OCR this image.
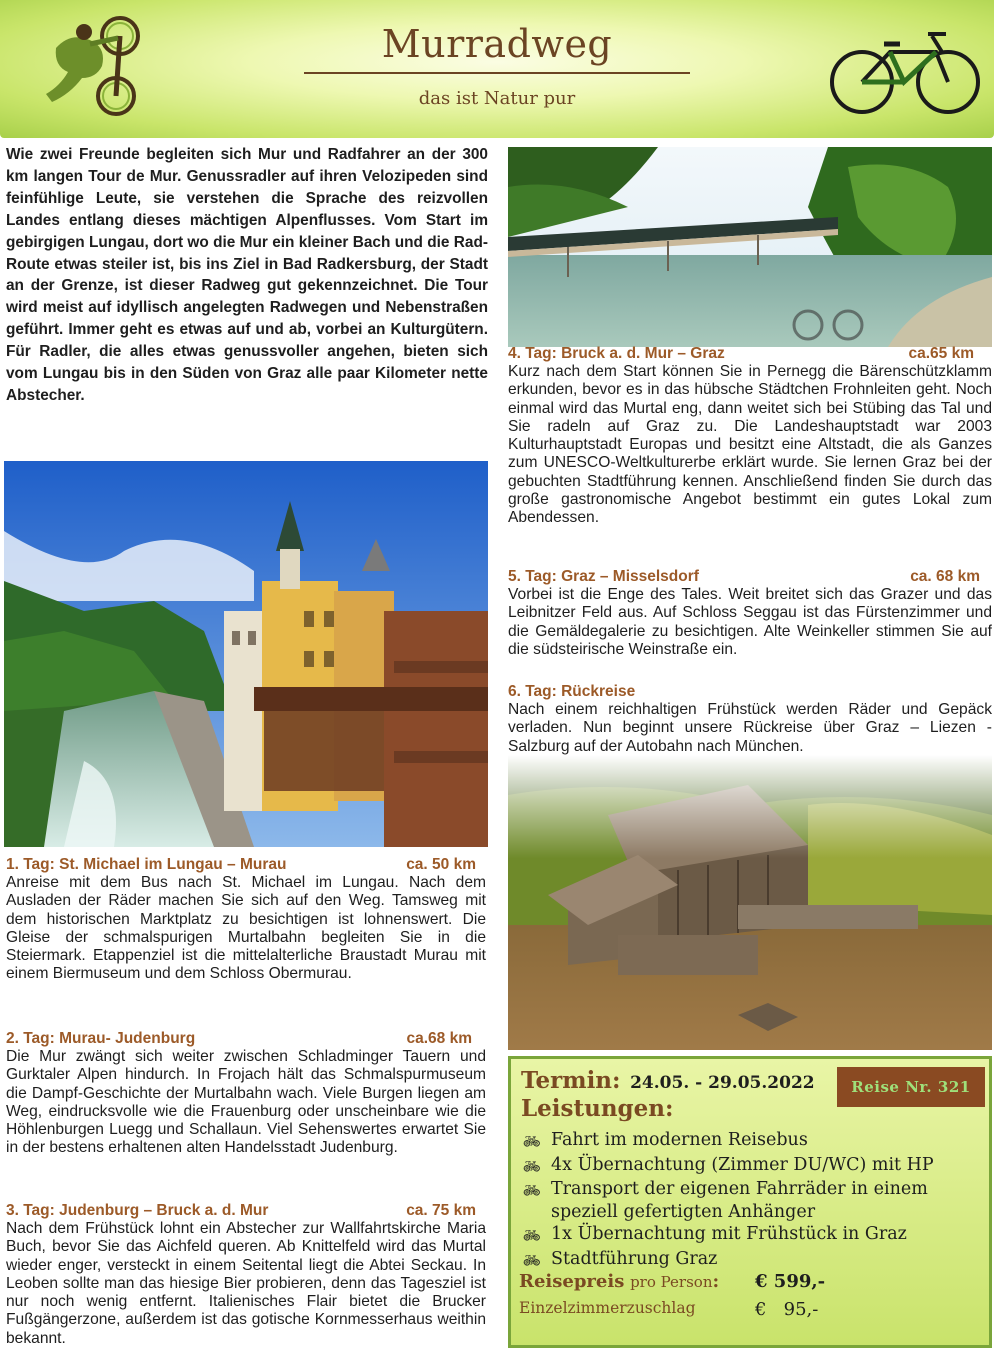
Murradweg
das ist Natur pur
Wie zwei Freunde begleiten sich Mur und Radfahrer an der 300 km langen Tour de Mur. Genussradler auf ihren Velozipeden sind feinfühlige Leute, sie verstehen die Sprache des reizvollen Landes entlang dieses mächtigen Alpenflusses. Vom Start im gebirgigen Lungau, dort wo die Mur ein kleiner Bach und die Rad-Route etwas steiler ist, bis ins Ziel in Bad Radkersburg, der Stadt an der Grenze, ist dieser Radweg gut gekennzeichnet. Die Tour wird meist auf idyllisch angelegten Radwegen und Nebenstraßen geführt. Immer geht es etwas auf und ab, vorbei an Kulturgütern. Für Radler, die alles etwas genussvoller angehen, bieten sich vom Lungau bis in den Süden von Graz alle paar Kilometer nette Abstecher.
1. Tag: St. Michael im Lungau – Murau	ca. 50 km
Anreise mit dem Bus nach St. Michael im Lungau. Nach dem Ausladen der Räder machen Sie sich auf den Weg. Tamsweg mit dem historischen Marktplatz zu besichtigen ist lohnenswert. Die Gleise der schmalspurigen Murtalbahn begleiten Sie in die Steiermark. Etappenziel ist die mittelalterliche Braustadt Murau mit einem Biermuseum und dem Schloss Obermurau.
2. Tag: Murau- Judenburg	ca.68 km
Die Mur zwängt sich weiter zwischen Schladminger Tauern und Gurktaler Alpen hindurch. In Frojach hält das Schmalspurmuseum die Dampf-Geschichte der Murtalbahn wach. Viele Burgen liegen am Weg, eindrucksvolle wie die Frauenburg oder unscheinbare wie die Höhlenburgen Luegg und Schallaun. Viel Sehenswertes erwartet Sie in der bestens erhaltenen alten Handelsstadt Judenburg.
3. Tag: Judenburg – Bruck a. d. Mur	ca. 75 km
Nach dem Frühstück lohnt ein Abstecher zur Wallfahrtskirche Maria Buch, bevor Sie das Aichfeld queren. Ab Knittelfeld wird das Murtal wieder enger, versteckt in einem Seitental liegt die Abtei Seckau. In Leoben sollte man das hiesige Bier probieren, denn das Tagesziel ist nur noch wenig entfernt. Italienisches Flair bietet die Brucker Fußgängerzone, außerdem ist das gotische Kornmesserhaus weithin bekannt.
4. Tag: Bruck a. d. Mur – Graz	ca.65 km
Kurz nach dem Start können Sie in Pernegg die Bärenschützklamm erkunden, bevor es in das hübsche Städtchen Frohnleiten geht. Noch einmal wird das Murtal eng, dann weitet sich bei Stübing das Tal und Sie radeln auf Graz zu. Die Landeshauptstadt war 2003 Kulturhauptstadt Europas und besitzt eine Altstadt, die als Ganzes zum UNESCO-Weltkulturerbe erklärt wurde. Sie lernen Graz bei der gebuchten Stadtführung kennen. Anschließend finden Sie durch das große gastronomische Angebot bestimmt ein gutes Lokal zum Abendessen.
5. Tag: Graz – Misselsdorf	ca. 68 km
Vorbei ist die Enge des Tales. Weit breitet sich das Grazer und das Leibnitzer Feld aus. Auf Schloss Seggau ist das Fürstenzimmer und die Gemäldegalerie zu besichtigen. Alte Weinkeller stimmen Sie auf die südsteirische Weinstraße ein.
6. Tag: Rückreise
Nach einem reichhaltigen Frühstück werden Räder und Gepäck verladen. Nun beginnt unsere Rückreise über Graz – Liezen - Salzburg auf der Autobahn nach München.
Termin: 24.05. - 29.05.2022	Reise Nr. 321
Leistungen:
🚲︎ Fahrt im modernen Reisebus
🚲︎ 4x Übernachtung (Zimmer DU/WC) mit HP
🚲︎ Transport der eigenen Fahrräder in einem speziell gefertigten Anhänger
🚲︎ 1x Übernachtung mit Frühstück in Graz
🚲︎ Stadtführung Graz
Reisepreis pro Person: € 599,-
Einzelzimmerzuschlag	€   95,-
